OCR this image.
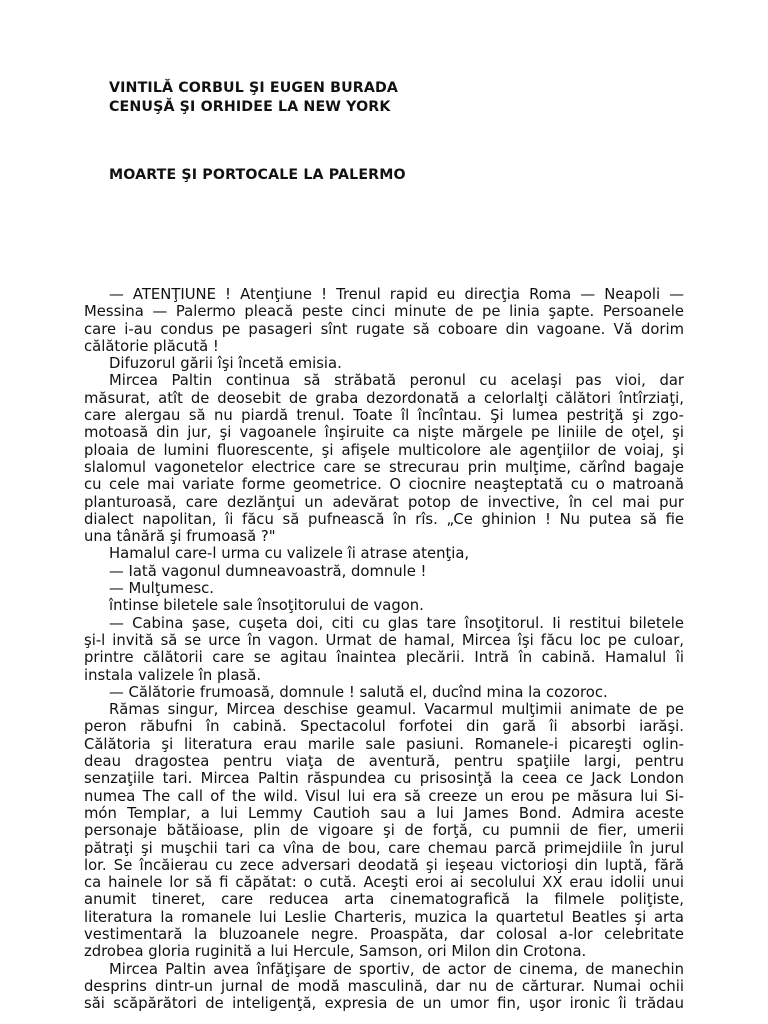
VINTILĂ CORBUL ŞI EUGEN BURADA
CENUŞĂ ŞI ORHIDEE LA NEW YORK
MOARTE ŞI PORTOCALE LA PALERMO

— ATENŢIUNE ! Atenţiune ! Trenul rapid eu direcţia Roma — Neapoli —
Messina — Palermo pleacă peste cinci minute de pe linia şapte. Persoanele
care i-au condus pe pasageri sînt rugate să coboare din vagoane. Vă dorim
călătorie plăcută !

Difuzorul gării îşi încetă emisia.

Mircea Paltin continua să străbată peronul cu acelaşi pas vioi, dar
măsurat, atît de deosebit de graba dezordonată a celorlalţi călători întîrziaţi,
care alergau să nu piardă trenul. Toate îl încîntau. Şi lumea pestriţă şi zgo-
motoasă din jur, şi vagoanele înşiruite ca nişte mărgele pe liniile de oţel, şi
ploaia de lumini fluorescente, şi afişele multicolore ale agenţiilor de voiaj, şi
slalomul vagonetelor electrice care se strecurau prin mulţime, cărînd bagaje
cu cele mai variate forme geometrice. O ciocnire neaşteptată cu o matroană
planturoasă, care dezlănţui un adevărat potop de invective, în cel mai pur
dialect napolitan, îi făcu să pufnească în rîs. „Ce ghinion ! Nu putea să fie
una tânără şi frumoasă ?"

Hamalul care-l urma cu valizele îi atrase atenţia,

— Iată vagonul dumneavoastră, domnule !

— Mulţumesc.

întinse biletele sale însoţitorului de vagon.

— Cabina şase, cuşeta doi, citi cu glas tare însoţitorul. Ii restitui biletele
şi-l invită să se urce în vagon. Urmat de hamal, Mircea îşi făcu loc pe culoar,
printre călătorii care se agitau înaintea plecării. Intră în cabină. Hamalul îi
instala valizele în plasă.

— Călătorie frumoasă, domnule ! salută el, ducînd mina la cozoroc.

Rămas singur, Mircea deschise geamul. Vacarmul mulţimii animate de pe
peron răbufni în cabină. Spectacolul forfotei din gară îi absorbi iarăşi.
Călătoria şi literatura erau marile sale pasiuni. Romanele-i picareşti oglin-
deau dragostea pentru viaţa de aventură, pentru spaţiile largi, pentru
senzaţiile tari. Mircea Paltin răspundea cu prisosinţă la ceea ce Jack London
numea The call of the wild. Visul lui era să creeze un erou pe măsura lui Si-
món Templar, a lui Lemmy Cautioh sau a lui James Bond. Admira aceste
personaje bătăioase, plin de vigoare şi de forţă, cu pumnii de fier, umerii
pătraţi şi muşchii tari ca vîna de bou, care chemau parcă primejdiile în jurul
lor. Se încăierau cu zece adversari deodată şi ieşeau victorioşi din luptă, fără
ca hainele lor să fi căpătat: o cută. Aceşti eroi ai secolului XX erau idolii unui
anumit tineret, care reducea arta cinematografică la filmele poliţiste,
literatura la romanele lui Leslie Charteris, muzica la quartetul Beatles şi arta
vestimentară la bluzoanele negre. Proaspăta, dar colosal a-lor celebritate
zdrobea gloria ruginită a lui Hercule, Samson, ori Milon din Crotona.

Mircea Paltin avea înfăţişare de sportiv, de actor de cinema, de manechin
desprins dintr-un jurnal de modă masculină, dar nu de cărturar. Numai ochii
săi scăpărători de inteligenţă, expresia de un umor fin, uşor ironic îi trădau
